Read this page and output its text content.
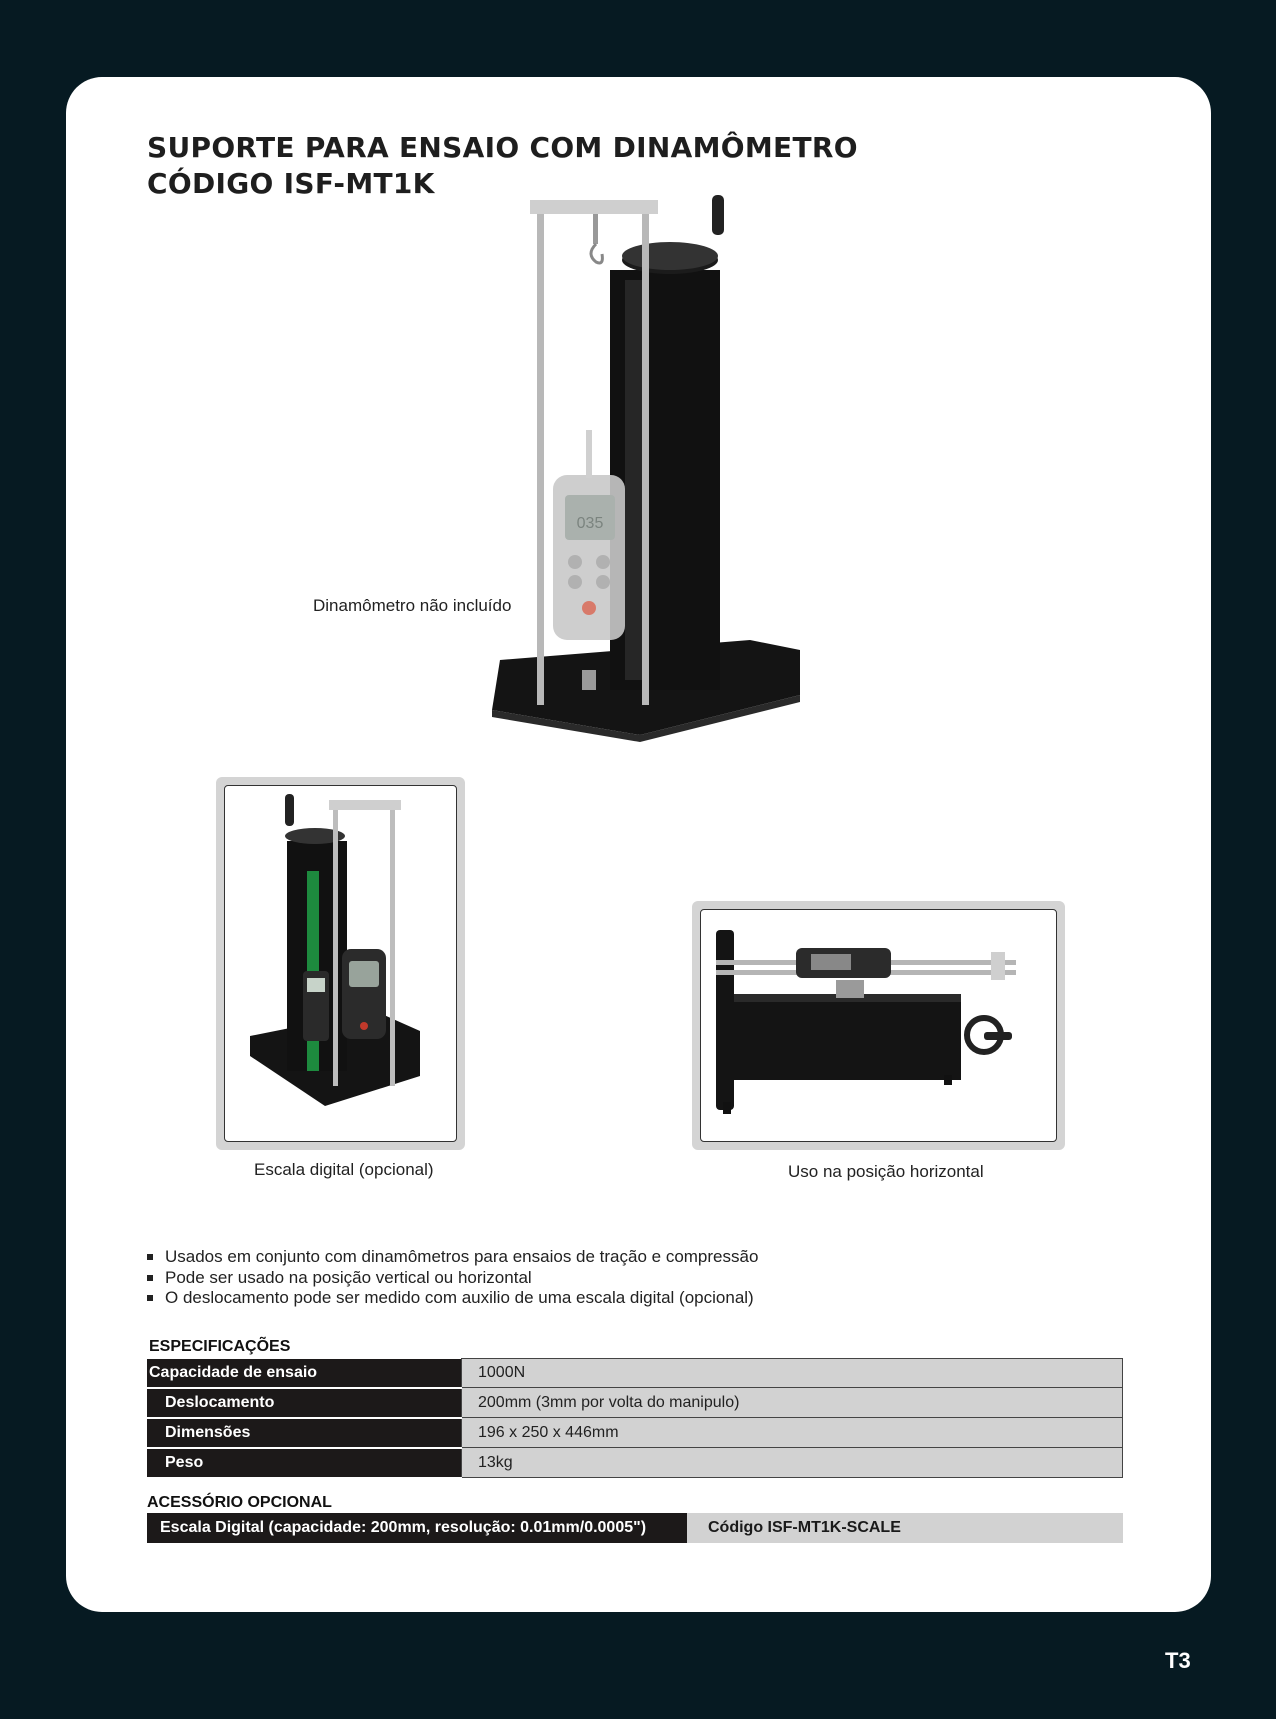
SUPORTE PARA ENSAIO COM DINAMÔMETRO
CÓDIGO ISF-MT1K
035
Dinamômetro não incluído
Escala digital (opcional)	Uso na posição horizontal
Usados em conjunto com dinamômetros para ensaios de tração e compressão
Pode ser usado na posição vertical ou horizontal
O deslocamento pode ser medido com auxilio de uma escala digital (opcional)
ESPECIFICAÇÕES
Capacidade de ensaio	1000N
Deslocamento	200mm (3mm por volta do manipulo)
Dimensões	196 x 250 x 446mm
Peso	13kg
ACESSÓRIO OPCIONAL
Escala Digital (capacidade: 200mm, resolução: 0.01mm/0.0005")	Código ISF-MT1K-SCALE
T3
